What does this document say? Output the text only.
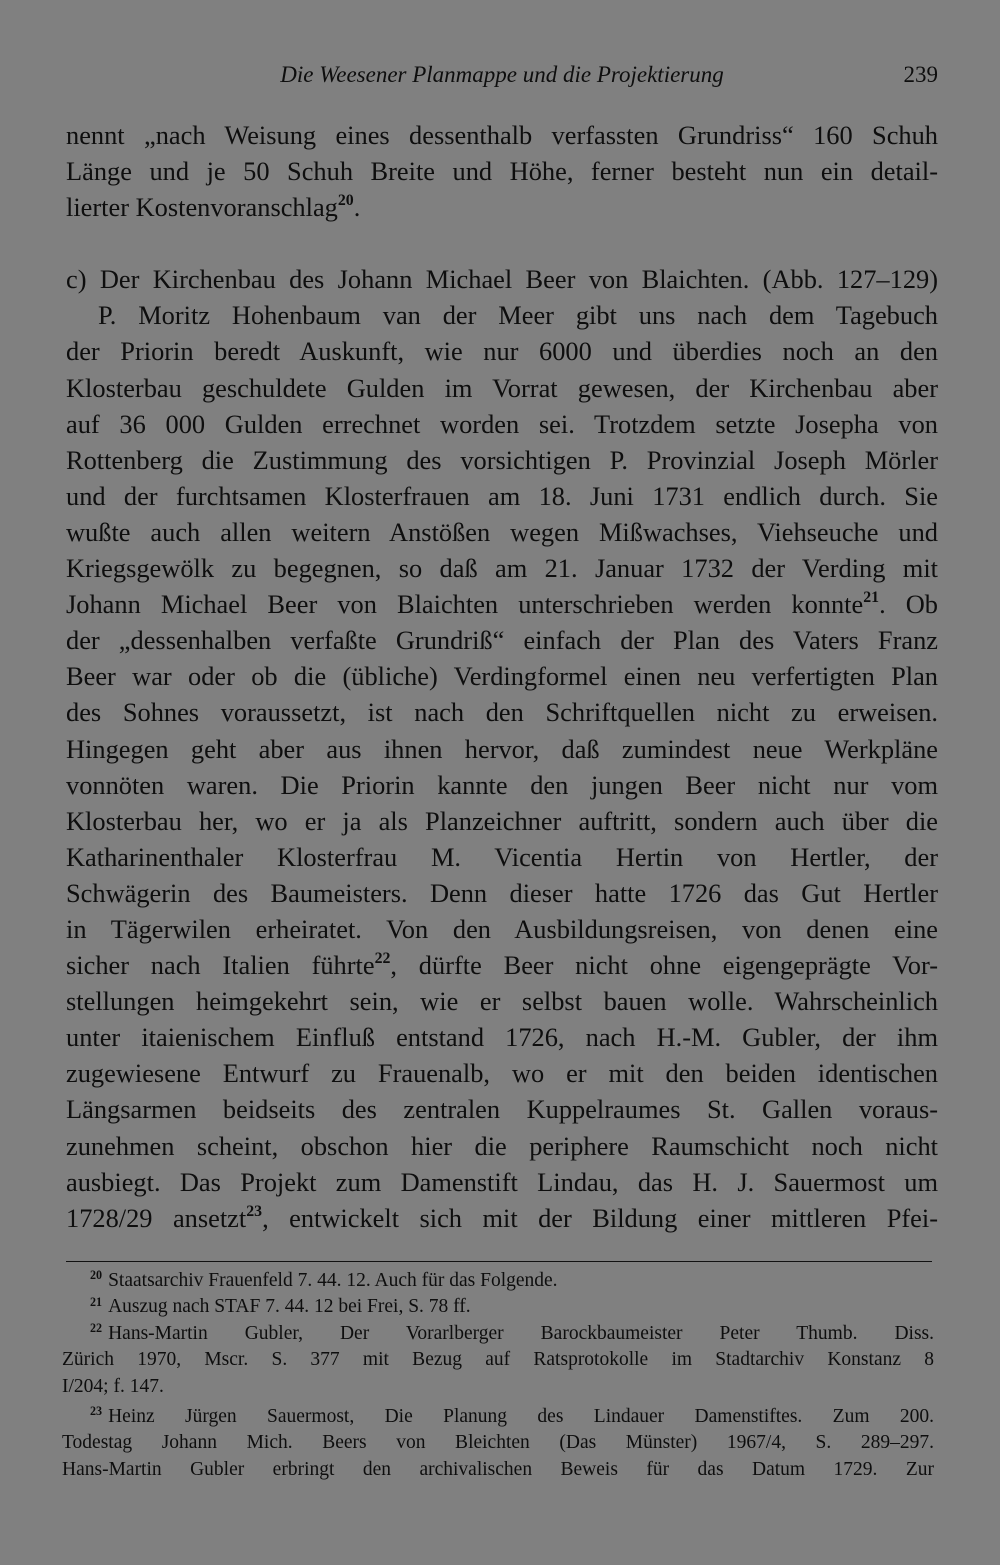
Die Weesener Planmappe und die Projektierung	239
nennt „nach Weisung eines dessenthalb verfassten Grundriss“ 160 Schuh
Länge und je 50 Schuh Breite und Höhe, ferner besteht nun ein detail-
lierter Kostenvoranschlag$^{20}$.
c) Der Kirchenbau des Johann Michael Beer von Blaichten. (Abb. 127–129)
P. Moritz Hohenbaum van der Meer gibt uns nach dem Tagebuch
der Priorin beredt Auskunft, wie nur 6000 und überdies noch an den
Klosterbau geschuldete Gulden im Vorrat gewesen, der Kirchenbau aber
auf 36 000 Gulden errechnet worden sei. Trotzdem setzte Josepha von
Rottenberg die Zustimmung des vorsichtigen P. Provinzial Joseph Mörler
und der furchtsamen Klosterfrauen am 18. Juni 1731 endlich durch. Sie
wußte auch allen weitern Anstößen wegen Mißwachses, Viehseuche und
Kriegsgewölk zu begegnen, so daß am 21. Januar 1732 der Verding mit
Johann Michael Beer von Blaichten unterschrieben werden konnte$^{21}$. Ob
der „dessenhalben verfaßte Grundriß“ einfach der Plan des Vaters Franz
Beer war oder ob die (übliche) Verdingformel einen neu verfertigten Plan
des Sohnes voraussetzt, ist nach den Schriftquellen nicht zu erweisen.
Hingegen geht aber aus ihnen hervor, daß zumindest neue Werkpläne
vonnöten waren. Die Priorin kannte den jungen Beer nicht nur vom
Klosterbau her, wo er ja als Planzeichner auftritt, sondern auch über die
Katharinenthaler Klosterfrau M. Vicentia Hertin von Hertler, der
Schwägerin des Baumeisters. Denn dieser hatte 1726 das Gut Hertler
in Tägerwilen erheiratet. Von den Ausbildungsreisen, von denen eine
sicher nach Italien führte$^{22}$, dürfte Beer nicht ohne eigengeprägte Vor-
stellungen heimgekehrt sein, wie er selbst bauen wolle. Wahrscheinlich
unter itaienischem Einfluß entstand 1726, nach H.-M. Gubler, der ihm
zugewiesene Entwurf zu Frauenalb, wo er mit den beiden identischen
Längsarmen beidseits des zentralen Kuppelraumes St. Gallen voraus-
zunehmen scheint, obschon hier die periphere Raumschicht noch nicht
ausbiegt. Das Projekt zum Damenstift Lindau, das H. J. Sauermost um
1728/29 ansetzt$^{23}$, entwickelt sich mit der Bildung einer mittleren Pfei-
$^{20}$ Staatsarchiv Frauenfeld 7. 44. 12. Auch für das Folgende.
$^{21}$ Auszug nach STAF 7. 44. 12 bei Frei, S. 78 ff.
$^{22}$ Hans-Martin Gubler, Der Vorarlberger Barockbaumeister Peter Thumb. Diss.
Zürich 1970, Mscr. S. 377 mit Bezug auf Ratsprotokolle im Stadtarchiv Konstanz 8
I/204; f. 147.
$^{23}$ Heinz Jürgen Sauermost, Die Planung des Lindauer Damenstiftes. Zum 200.
Todestag Johann Mich. Beers von Bleichten (Das Münster) 1967/4, S. 289–297.
Hans-Martin Gubler erbringt den archivalischen Beweis für das Datum 1729. Zur
